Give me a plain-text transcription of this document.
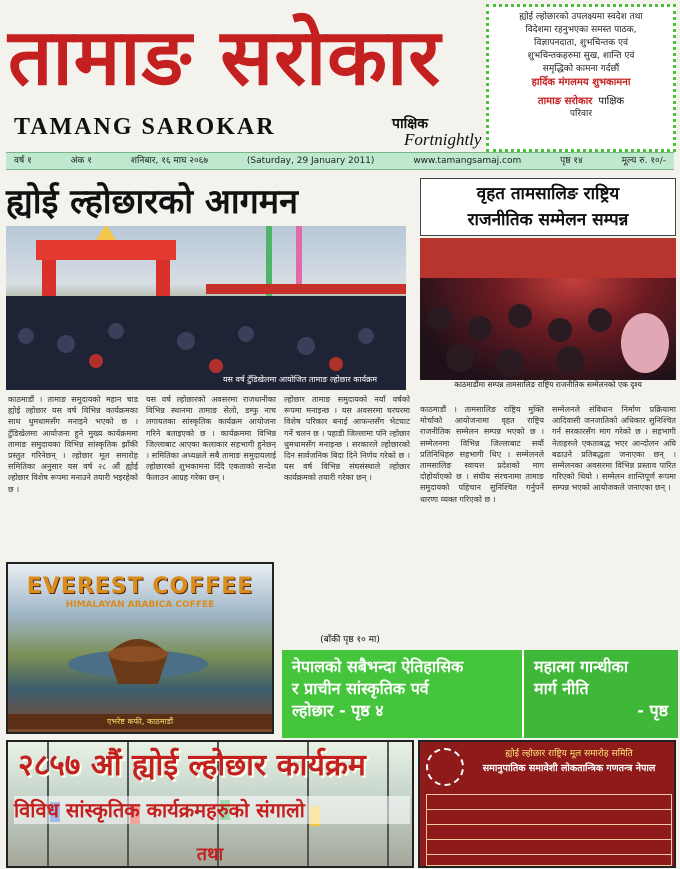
तामाङ सरोकार
TAMANG SAROKAR	पाक्षिक
Fortnightly
ह्योई ल्होछारको उपलक्ष्यमा स्वदेश तथा
विदेशमा रहनुभएका समस्त पाठक,
विज्ञापनदाता, शुभचिन्तक एवं
शुभचिन्तकहरुमा सुख, शान्ति एवं
समृद्धिको कामना गर्दछौं
हार्दिक मंगलमय शुभकामना
तामाङ सरोकार पाक्षिक
परिवार
वर्ष १	अंक १	शनिबार, १६ माघ २०६७	(Saturday, 29 January 2011)	www.tamangsamaj.com	पृष्ठ १४	मूल्य रु. १०/-
ह्योई ल्होछारको आगमन
यस वर्ष टुँडिखेलमा आयोजित तामाङ ल्होछार कार्यक्रम
काठमाडौं । तामाङ समुदायको महान चाड ह्योई ल्होछार यस वर्ष विभिन्न कार्यक्रमका साथ धुमधामसँग मनाइने भएको छ । टुँडिखेलमा आयोजना हुने मुख्य कार्यक्रममा तामाङ समुदायका विभिन्न सांस्कृतिक झाँकी प्रस्तुत गरिनेछन् । ल्होछार मूल समारोह समितिका अनुसार यस वर्ष २८ औं ह्योई ल्होछार विशेष रूपमा मनाउने तयारी भइरहेको छ ।
यस वर्ष ल्होछारको अवसरमा राजधानीका विभिन्न स्थानमा तामाङ सेलो, डम्फु नाच लगायतका सांस्कृतिक कार्यक्रम आयोजना गरिने बताइएको छ । कार्यक्रममा विभिन्न जिल्लाबाट आएका कलाकार सहभागी हुनेछन् । समितिका अध्यक्षले सबै तामाङ समुदायलाई ल्होछारको शुभकामना दिँदै एकताको सन्देश फैलाउन आग्रह गरेका छन् ।
ल्होछार तामाङ समुदायको नयाँ वर्षको रूपमा मनाइन्छ । यस अवसरमा घरघरमा विशेष परिकार बनाई आफन्तसँग भेटघाट गर्ने चलन छ । पहाडी जिल्लामा पनि ल्होछार धुमधामसँग मनाइन्छ । सरकारले ल्होछारको दिन सार्वजनिक बिदा दिने निर्णय गरेको छ । यस वर्ष विभिन्न संघसंस्थाले ल्होछार कार्यक्रमको तयारी गरेका छन् ।
(बाँकी पृष्ठ १० मा)
वृहत तामसालिङ राष्ट्रिय
राजनीतिक सम्मेलन सम्पन्न
काठमाडौंमा सम्पन्न तामसालिङ राष्ट्रिय राजनीतिक सम्मेलनको एक दृश्य
काठमाडौं । तामसालिङ राष्ट्रिय मुक्ति मोर्चाको आयोजनामा वृहत राष्ट्रिय राजनीतिक सम्मेलन सम्पन्न भएको छ । सम्मेलनमा विभिन्न जिल्लाबाट सयौं प्रतिनिधिहरु सहभागी थिए । सम्मेलनले तामसालिङ स्वायत्त प्रदेशको माग दोहोर्याएको छ । संघीय संरचनामा तामाङ समुदायको पहिचान सुनिश्चित गर्नुपर्ने धारणा व्यक्त गरिएको छ ।
सम्मेलनले संविधान निर्माण प्रक्रियामा आदिवासी जनजातिको अधिकार सुनिश्चित गर्न सरकारसँग माग गरेको छ । सहभागी नेताहरुले एकताबद्ध भएर आन्दोलन अघि बढाउने प्रतिबद्धता जनाएका छन् । सम्मेलनका अवसरमा विभिन्न प्रस्ताव पारित गरिएको थियो । सम्मेलन शान्तिपूर्ण रूपमा सम्पन्न भएको आयोजकले जनाएका छन् ।
EVEREST COFFEE
HIMALAYAN ARABICA COFFEE
एभरेष्ट कफी, काठमाडौं
नेपालको सबैभन्दा ऐतिहासिक
र प्राचीन सांस्कृतिक पर्व
ल्होछार - पृष्ठ ४
महात्मा गान्धीका
मार्ग नीति
- पृष्ठ
२८५७ औं ह्योई ल्होछार कार्यक्रम
विविध सांस्कृतिक कार्यक्रमहरुको संगालो
तथा
ह्योई ल्होछार राष्ट्रिय मूल समारोह समिति
समानुपातिक समावेशी लोकतान्त्रिक गणतन्त्र नेपाल
